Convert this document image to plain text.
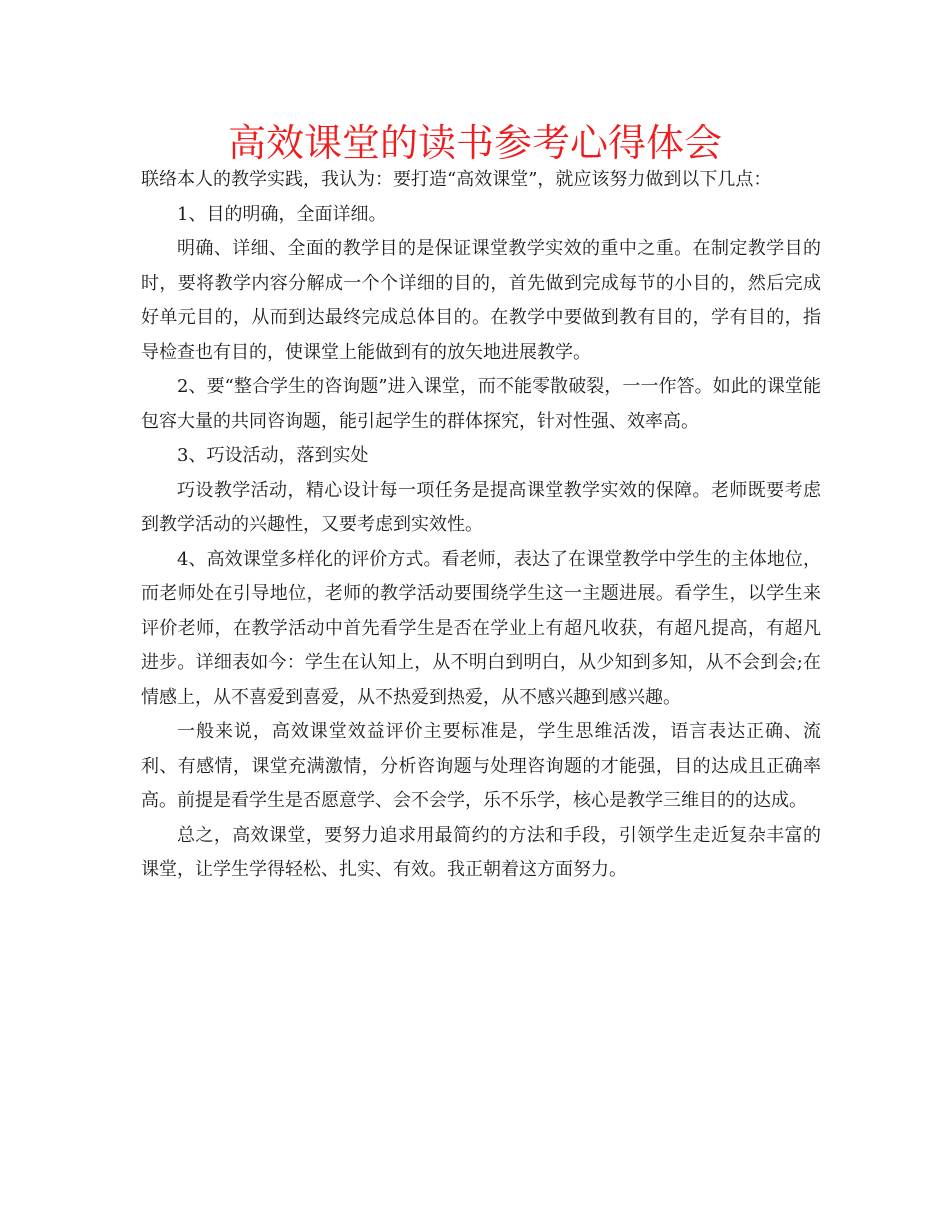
高效课堂的读书参考心得体会

联络本人的教学实践，我认为：要打造“高效课堂”，就应该努力做到以下几点：

1、目的明确，全面详细。

明确、详细、全面的教学目的是保证课堂教学实效的重中之重。在制定教学目的时，要将教学内容分解成一个个详细的目的，首先做到完成每节的小目的，然后完成好单元目的，从而到达最终完成总体目的。在教学中要做到教有目的，学有目的，指导检查也有目的，使课堂上能做到有的放矢地进展教学。

2、要“整合学生的咨询题”进入课堂，而不能零散破裂，一一作答。如此的课堂能包容大量的共同咨询题，能引起学生的群体探究，针对性强、效率高。

3、巧设活动，落到实处

巧设教学活动，精心设计每一项任务是提高课堂教学实效的保障。老师既要考虑到教学活动的兴趣性，又要考虑到实效性。

4、高效课堂多样化的评价方式。看老师，表达了在课堂教学中学生的主体地位，而老师处在引导地位，老师的教学活动要围绕学生这一主题进展。看学生，以学生来评价老师，在教学活动中首先看学生是否在学业上有超凡收获，有超凡提高，有超凡进步。详细表如今：学生在认知上，从不明白到明白，从少知到多知，从不会到会;在情感上，从不喜爱到喜爱，从不热爱到热爱，从不感兴趣到感兴趣。

一般来说，高效课堂效益评价主要标准是，学生思维活泼，语言表达正确、流利、有感情，课堂充满激情，分析咨询题与处理咨询题的才能强，目的达成且正确率高。前提是看学生是否愿意学、会不会学，乐不乐学，核心是教学三维目的的达成。

总之，高效课堂，要努力追求用最简约的方法和手段，引领学生走近复杂丰富的课堂，让学生学得轻松、扎实、有效。我正朝着这方面努力。
